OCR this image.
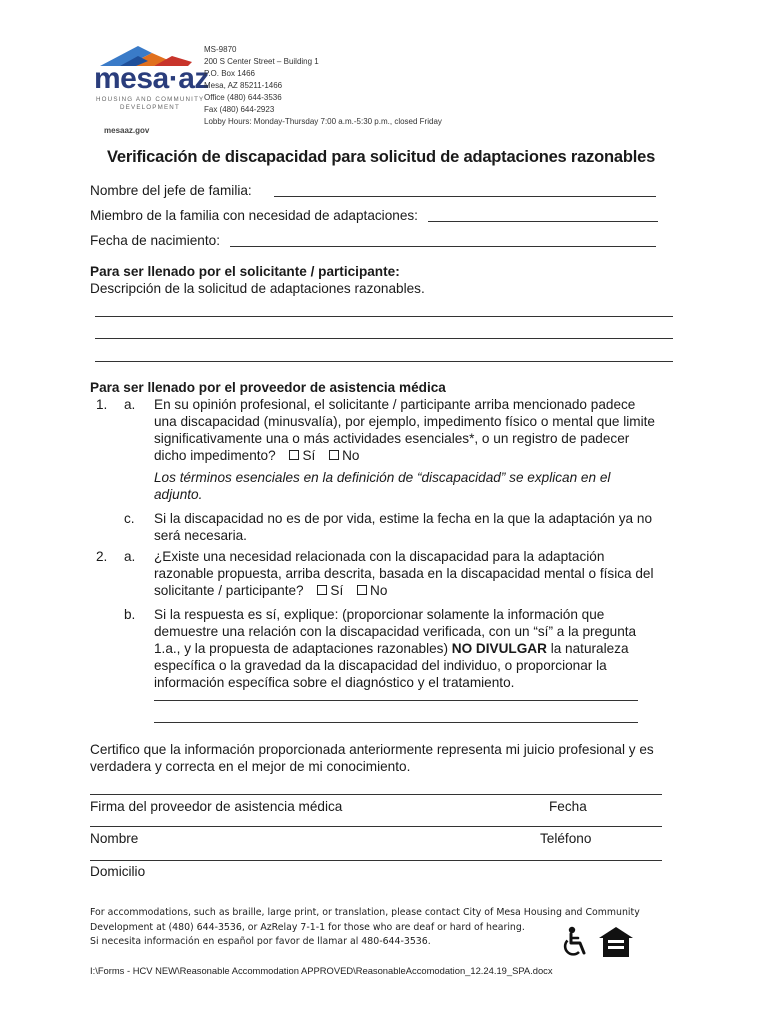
mesa·az
HOUSING AND COMMUNITY
DEVELOPMENT
mesaaz.gov
MS-9870
200 S Center Street – Building 1
P.O. Box 1466
Mesa, AZ 85211-1466
Office (480) 644-3536
Fax (480) 644-2923
Lobby Hours: Monday-Thursday 7:00 a.m.-5:30 p.m., closed Friday
Verificación de discapacidad para solicitud de adaptaciones razonables
Nombre del jefe de familia:
Miembro de la familia con necesidad de adaptaciones:
Fecha de nacimiento:
Para ser llenado por el solicitante / participante:
Descripción de la solicitud de adaptaciones razonables.
Para ser llenado por el proveedor de asistencia médica
1. a. En su opinión profesional, el solicitante / participante arriba mencionado padece
una discapacidad (minusvalía), por ejemplo, impedimento físico o mental que limite
significativamente una o más actividades esenciales*, o un registro de padecer
dicho impedimento? Sí No
Los términos esenciales en la definición de “discapacidad” se explican en el
adjunto.
c. Si la discapacidad no es de por vida, estime la fecha en la que la adaptación ya no
será necesaria.
2. a. ¿Existe una necesidad relacionada con la discapacidad para la adaptación
razonable propuesta, arriba descrita, basada en la discapacidad mental o física del
solicitante / participante? Sí No
b. Si la respuesta es sí, explique: (proporcionar solamente la información que
demuestre una relación con la discapacidad verificada, con un “sí” a la pregunta
1.a., y la propuesta de adaptaciones razonables) NO DIVULGAR la naturaleza
específica o la gravedad da la discapacidad del individuo, o proporcionar la
información específica sobre el diagnóstico y el tratamiento.
Certifico que la información proporcionada anteriormente representa mi juicio profesional y es
verdadera y correcta en el mejor de mi conocimiento.
Firma del proveedor de asistencia médica	Fecha
Nombre	Teléfono
Domicilio
For accommodations, such as braille, large print, or translation, please contact City of Mesa Housing and Community
Development at (480) 644-3536, or AzRelay 7-1-1 for those who are deaf or hard of hearing.
Si necesita información en español por favor de llamar al 480-644-3536.
I:\Forms - HCV NEW\Reasonable Accommodation APPROVED\ReasonableAccomodation_12.24.19_SPA.docx
